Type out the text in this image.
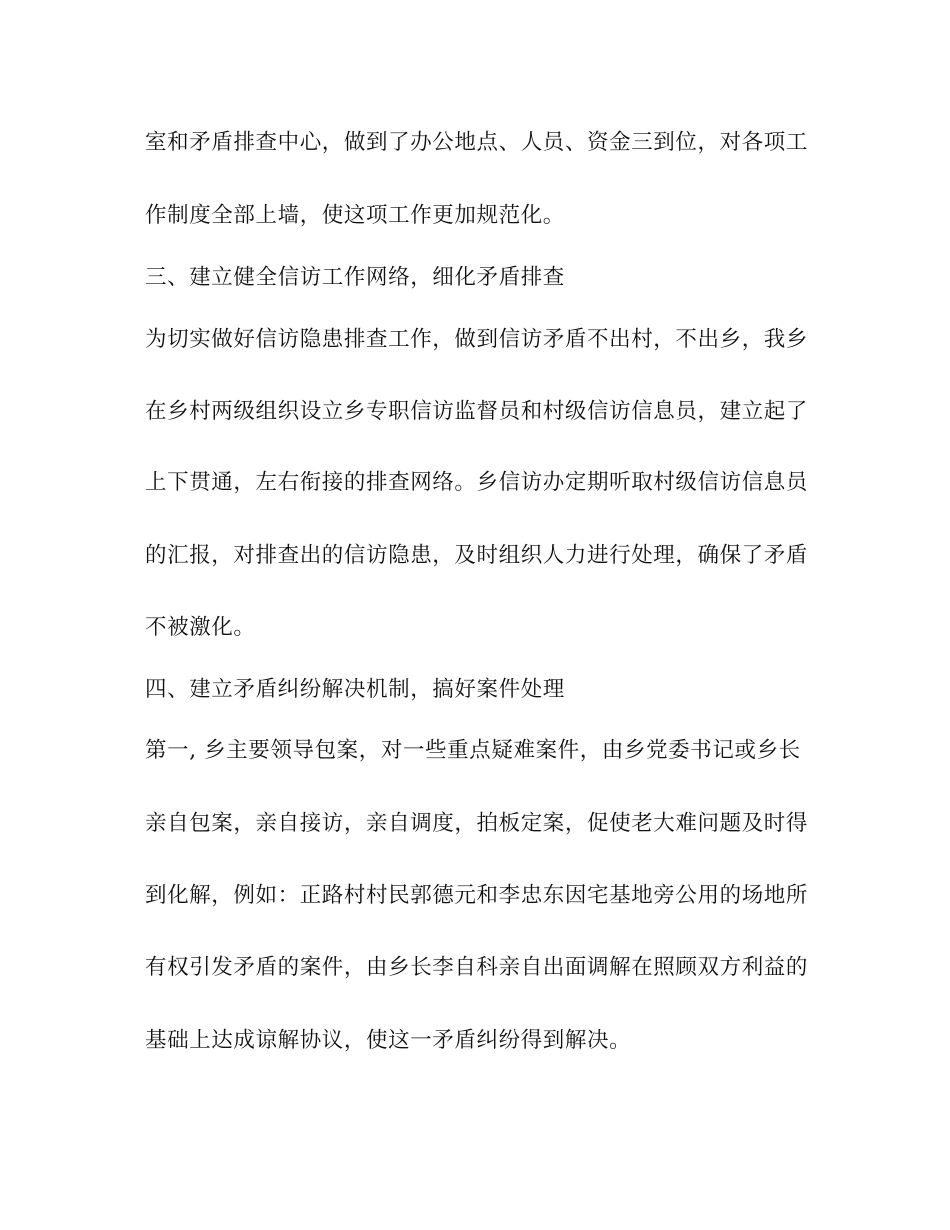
室和矛盾排查中心，做到了办公地点、人员、资金三到位，对各项工
作制度全部上墙，使这项工作更加规范化。
三、建立健全信访工作网络，细化矛盾排查
为切实做好信访隐患排查工作，做到信访矛盾不出村，不出乡，我乡
在乡村两级组织设立乡专职信访监督员和村级信访信息员，建立起了
上下贯通，左右衔接的排查网络。乡信访办定期听取村级信访信息员
的汇报，对排查出的信访隐患，及时组织人力进行处理，确保了矛盾
不被激化。
四、建立矛盾纠纷解决机制，搞好案件处理
第一, 乡主要领导包案，对一些重点疑难案件，由乡党委书记或乡长
亲自包案，亲自接访，亲自调度，拍板定案，促使老大难问题及时得
到化解，例如：正路村村民郭德元和李忠东因宅基地旁公用的场地所
有权引发矛盾的案件，由乡长李自科亲自出面调解在照顾双方利益的
基础上达成谅解协议，使这一矛盾纠纷得到解决。
